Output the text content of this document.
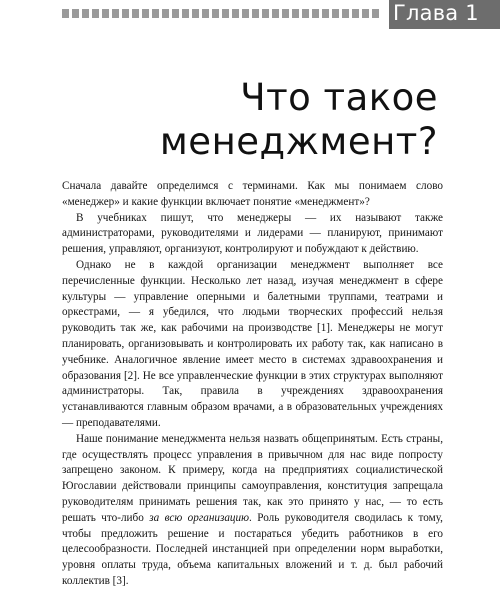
Глава 1
Что такое
менеджмент?

Сначала давайте определимся с терминами. Как мы понимаем слово «менеджер» и какие функции включает понятие «менеджмент»?

В учебниках пишут, что менеджеры — их называют также администраторами, руководителями и лидерами — планируют, принимают решения, управляют, организуют, контролируют и побуждают к действию.

Однако не в каждой организации менеджмент выполняет все перечисленные функции. Несколько лет назад, изучая менеджмент в сфере культуры — управление оперными и балетными труппами, театрами и оркестрами, — я убедился, что людьми творческих профессий нельзя руководить так же, как рабочими на производстве [1]. Менеджеры не могут планировать, организовывать и контролировать их работу так, как написано в учебнике. Аналогичное явление имеет место в системах здравоохранения и образования [2]. Не все управленческие функции в этих структурах выполняют администраторы. Так, правила в учреждениях здравоохранения устанавливаются главным образом врачами, а в образовательных учреждениях — преподавателями.

Наше понимание менеджмента нельзя назвать общепринятым. Есть страны, где осуществлять процесс управления в привычном для нас виде попросту запрещено законом. К примеру, когда на предприятиях социалистической Югославии действовали принципы самоуправления, конституция запрещала руководителям принимать решения так, как это принято у нас, — то есть решать что-либо за всю организацию. Роль руководителя сводилась к тому, чтобы предложить решение и постараться убедить работников в его целесообразности. Последней инстанцией при определении норм выработки, уровня оплаты труда, объема капитальных вложений и т. д. был рабочий коллектив [3].
